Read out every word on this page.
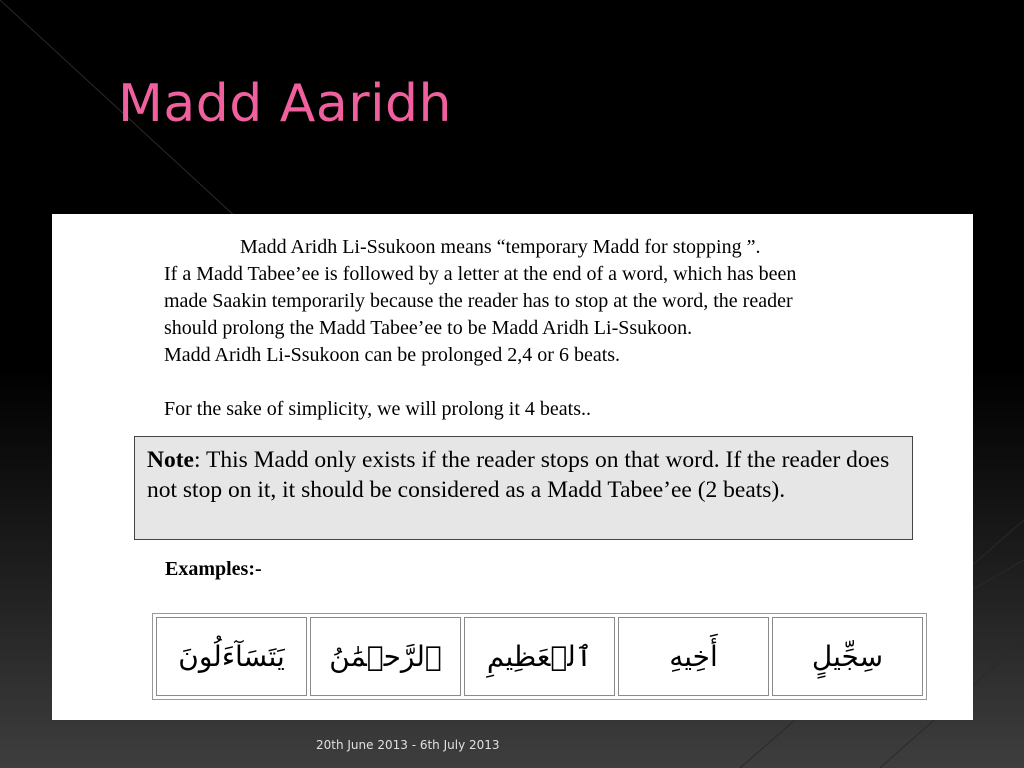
Madd Aaridh

Madd Aridh Li-Ssukoon means “temporary Madd for stopping ”.

If a Madd Tabee’ee is followed by a letter at the end of a word, which has been

made Saakin temporarily because the reader has to stop at the word, the reader

should prolong the Madd Tabee’ee to be Madd Aridh Li-Ssukoon.

Madd Aridh Li-Ssukoon can be prolonged 2,4 or 6 beats.

For the sake of simplicity, we will prolong it 4 beats..

Note: This Madd only exists if the reader stops on that word. If the reader does not stop on it, it should be considered as a Madd Tabee’ee (2 beats).

Examples:-

يَتَسَآءَلُونَ	ٱلرَّحۡمَٰنُ	ٱلۡعَظِيمِ	أَخِيهِ	سِجِّيلٍ

20th June 2013 - 6th July 2013
